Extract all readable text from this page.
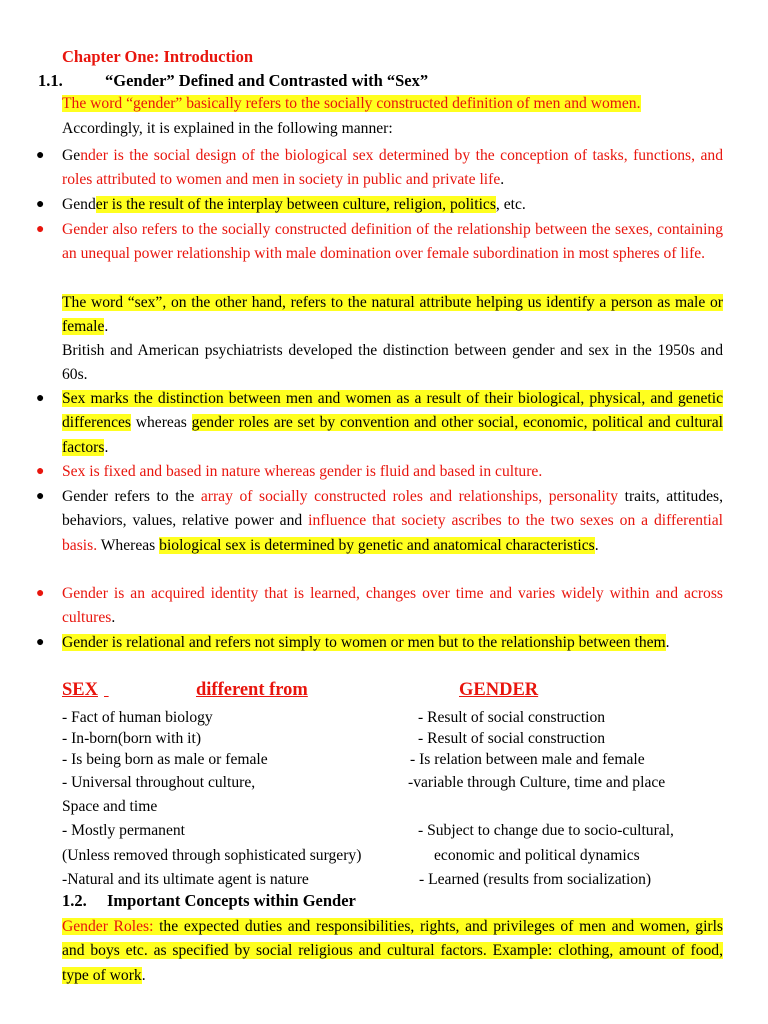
Chapter One: Introduction
1.1.	“Gender” Defined and Contrasted with “Sex”
The word “gender” basically refers to the socially constructed definition of men and women.
Accordingly, it is explained in the following manner:
● Gender is the social design of the biological sex determined by the conception of tasks, functions, and roles attributed to women and men in society in public and private life.
● Gender is the result of the interplay between culture, religion, politics, etc.
● Gender also refers to the socially constructed definition of the relationship between the sexes, containing an unequal power relationship with male domination over female subordination in most spheres of life.
The word “sex”, on the other hand, refers to the natural attribute helping us identify a person as male or female.
British and American psychiatrists developed the distinction between gender and sex in the 1950s and 60s.
● Sex marks the distinction between men and women as a result of their biological, physical, and genetic differences whereas gender roles are set by convention and other social, economic, political and cultural factors.
● Sex is fixed and based in nature whereas gender is fluid and based in culture.
● Gender refers to the array of socially constructed roles and relationships, personality traits, attitudes, behaviors, values, relative power and influence that society ascribes to the two sexes on a differential basis. Whereas biological sex is determined by genetic and anatomical characteristics.
● Gender is an acquired identity that is learned, changes over time and varies widely within and across cultures.
● Gender is relational and refers not simply to women or men but to the relationship between them.
SEX
	different from	GENDER
- Fact of human biology	- Result of social construction
- In-born(born with it)	- Result of social construction
- Is being born as male or female	- Is relation between male and female
- Universal throughout culture,	-variable through Culture, time and place
Space and time
- Mostly permanent	- Subject to change due to socio-cultural,
(Unless removed through sophisticated surgery)	economic and political dynamics
-Natural and its ultimate agent is nature	- Learned (results from socialization)
1.2. Important Concepts within Gender
Gender Roles: the expected duties and responsibilities, rights, and privileges of men and women, girls and boys etc. as specified by social religious and cultural factors. Example: clothing, amount of food, type of work.
